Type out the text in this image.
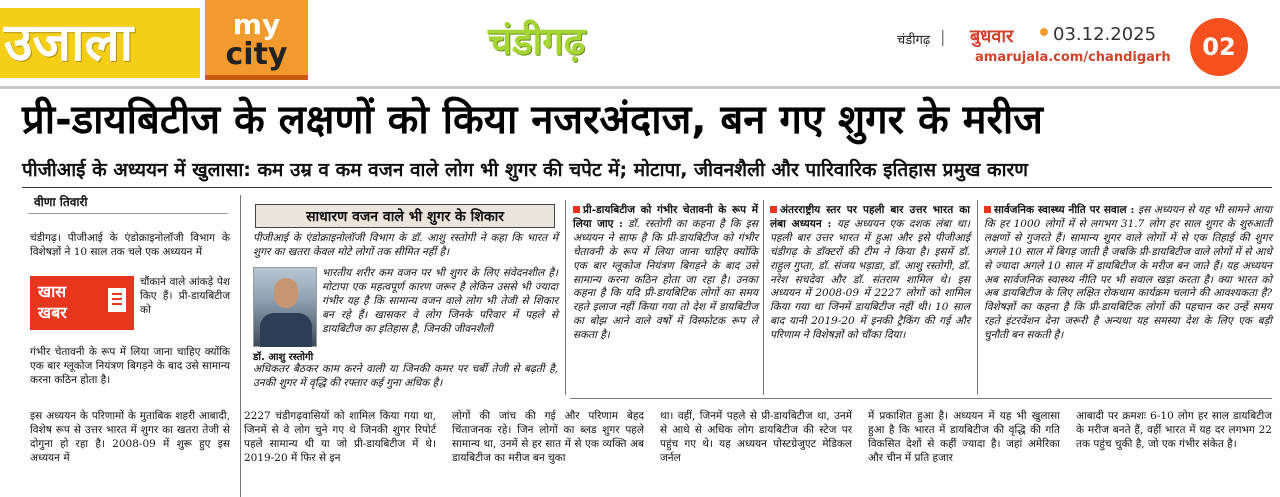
उजाला	my
city	चंडीगढ़	चंडीगढ़ | बुधवार 03.12.2025
amarujala.com/chandigarh	02
प्री-डायबिटीज के लक्षणों को किया नजरअंदाज, बन गए शुगर के मरीज
पीजीआई के अध्ययन में खुलासा: कम उम्र व कम वजन वाले लोग भी शुगर की चपेट में; मोटापा, जीवनशैली और पारिवारिक इतिहास प्रमुख कारण
वीणा तिवारी
चंडीगढ़। पीजीआई के एंडोक्राइनोलॉजी विभाग के विशेषज्ञों ने 10 साल तक चले एक अध्ययन में
खास
खबर
चौंकाने वाले आंकड़े पेश किए हैं। प्री-डायबिटीज को
गंभीर चेतावनी के रूप में लिया जाना चाहिए क्योंकि एक बार ग्लूकोज नियंत्रण बिगड़ने के बाद उसे सामान्य करना कठिन होता है।
इस अध्ययन के परिणामों के मुताबिक शहरी आबादी, विशेष रूप से उत्तर भारत में शुगर का खतरा तेजी से दोगुना हो रहा है। 2008-09 में शुरू हुए इस अध्ययन में
साधारण वजन वाले भी शुगर के शिकार
पीजीआई के एंडोक्राइनोलॉजी विभाग के डॉ. आशु रस्तोगी ने कहा कि भारत में शुगर का खतरा केवल मोटे लोगों तक सीमित नहीं है।
डॉ. आशु रस्तोगी
भारतीय शरीर कम वजन पर भी शुगर के लिए संवेदनशील है। मोटापा एक महत्वपूर्ण कारण जरूर है लेकिन उससे भी ज्यादा गंभीर यह है कि सामान्य वजन वाले लोग भी तेजी से शिकार बन रहे हैं। खासकर वे लोग जिनके परिवार में पहले से डायबिटीज का इतिहास है, जिनकी जीवनशैली
अधिकतर बैठकर काम करने वाली या जिनकी कमर पर चर्बी तेजी से बढ़ती है, उनकी शुगर में वृद्धि की रफ्तार कई गुना अधिक है।
प्री-डायबिटीज को गंभीर चेतावनी के रूप में लिया जाए : डॉ. रस्तोगी का कहना है कि इस अध्ययन ने साफ है कि प्री-डायबिटीज को गंभीर चेतावनी के रूप में लिया जाना चाहिए क्योंकि एक बार ग्लूकोज नियंत्रण बिगड़ने के बाद उसे सामान्य करना कठिन होता जा रहा है। उनका कहना है कि यदि प्री-डायबिटिक लोगों का समय रहते इलाज नहीं किया गया तो देश में डायबिटीज का बोझ आने वाले वर्षों में विस्फोटक रूप ले सकता है।
अंतरराष्ट्रीय स्तर पर पहली बार उत्तर भारत का लंबा अध्ययन : यह अध्ययन एक दशक लंबा था। पहली बार उत्तर भारत में हुआ और इसे पीजीआई चंडीगढ़ के डॉक्टरों की टीम ने किया है। इसमें डॉ. राहुल गुप्ता, डॉ. संजय भड़ाडा, डॉ. आशु रस्तोगी, डॉ. नरेश सचदेवा और डॉ. संतराम शामिल थे। इस अध्ययन में 2008-09 में 2227 लोगों को शामिल किया गया था जिनमें डायबिटीज नहीं थी। 10 साल बाद यानी 2019-20 में इनकी ट्रैकिंग की गई और परिणाम ने विशेषज्ञों को चौंका दिया।
सार्वजनिक स्वास्थ्य नीति पर सवाल : इस अध्ययन से यह भी सामने आया कि हर 1000 लोगों में से लगभग 31.7 लोग हर साल शुगर के शुरुआती लक्षणों से गुजरते हैं। सामान्य शुगर वाले लोगों में से एक तिहाई की शुगर अगले 10 साल में बिगड़ जाती है जबकि प्री-डायबिटीज वाले लोगों में से आधे से ज्यादा अगले 10 साल में डायबिटीज के मरीज बन जाते हैं। यह अध्ययन अब सार्वजनिक स्वास्थ्य नीति पर भी सवाल खड़ा करता है। क्या भारत को अब डायबिटीज के लिए लक्षित रोकथाम कार्यक्रम चलाने की आवश्यकता है? विशेषज्ञों का कहना है कि प्री-डायबिटिक लोगों की पहचान कर उन्हें समय रहते इंटरवेंशन देना जरूरी है अन्यथा यह समस्या देश के लिए एक बड़ी चुनौती बन सकती है।
2227 चंडीगढ़वासियों को शामिल किया गया था, जिनमें से वे लोग चुने गए थे जिनकी शुगर रिपोर्ट पहले सामान्य थी या जो प्री-डायबिटीज में थे। 2019-20 में फिर से इन
लोगों की जांच की गई और परिणाम बेहद चिंताजनक रहे। जिन लोगों का ब्लड शुगर पहले सामान्य था, उनमें से हर सात में से एक व्यक्ति अब डायबिटीज का मरीज बन चुका
था। वहीं, जिनमें पहले से प्री-डायबिटीज था, उनमें से आधे से अधिक लोग डायबिटीज की स्टेज पर पहुंच गए थे। यह अध्ययन पोस्टग्रेजुएट मेडिकल जर्नल
में प्रकाशित हुआ है। अध्ययन में यह भी खुलासा हुआ है कि भारत में डायबिटीज की वृद्धि की गति विकसित देशों से कहीं ज्यादा है। जहां अमेरिका और चीन में प्रति हजार
आबादी पर क्रमशः 6-10 लोग हर साल डायबिटीज के मरीज बनते हैं, वहीं भारत में यह दर लगभग 22 तक पहुंच चुकी है, जो एक गंभीर संकेत है।
